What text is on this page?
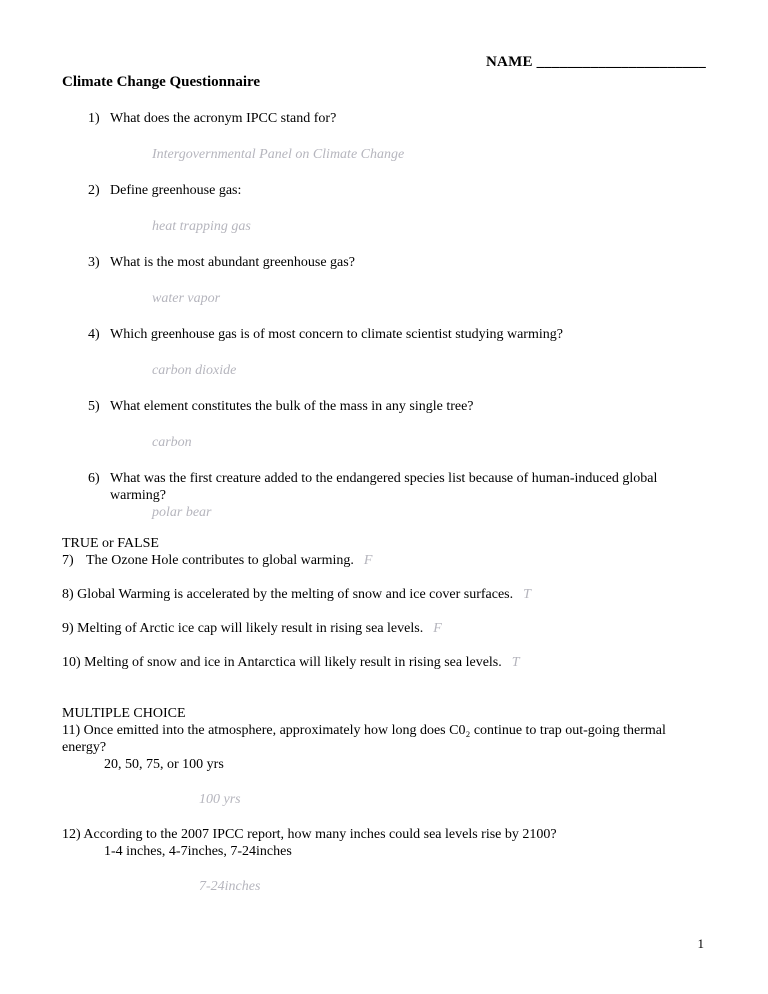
NAME ______________________
Climate Change Questionnaire
1) What does the acronym IPCC stand for?
Intergovernmental Panel on Climate Change
2) Define greenhouse gas:
heat trapping gas
3) What is the most abundant greenhouse gas?
water vapor
4) Which greenhouse gas is of most concern to climate scientist studying warming?
carbon dioxide
5) What element constitutes the bulk of the mass in any single tree?
carbon
6) What was the first creature added to the endangered species list because of human-induced global warming?
polar bear
TRUE or FALSE
7) The Ozone Hole contributes to global warming. F
8) Global Warming is accelerated by the melting of snow and ice cover surfaces. T
9) Melting of Arctic ice cap will likely result in rising sea levels. F
10) Melting of snow and ice in Antarctica will likely result in rising sea levels. T
MULTIPLE CHOICE
11) Once emitted into the atmosphere, approximately how long does C0₂ continue to trap out-going thermal energy?
20, 50, 75, or 100 yrs
100 yrs
12) According to the 2007 IPCC report, how many inches could sea levels rise by 2100?
1-4 inches, 4-7inches, 7-24inches
7-24inches
1
